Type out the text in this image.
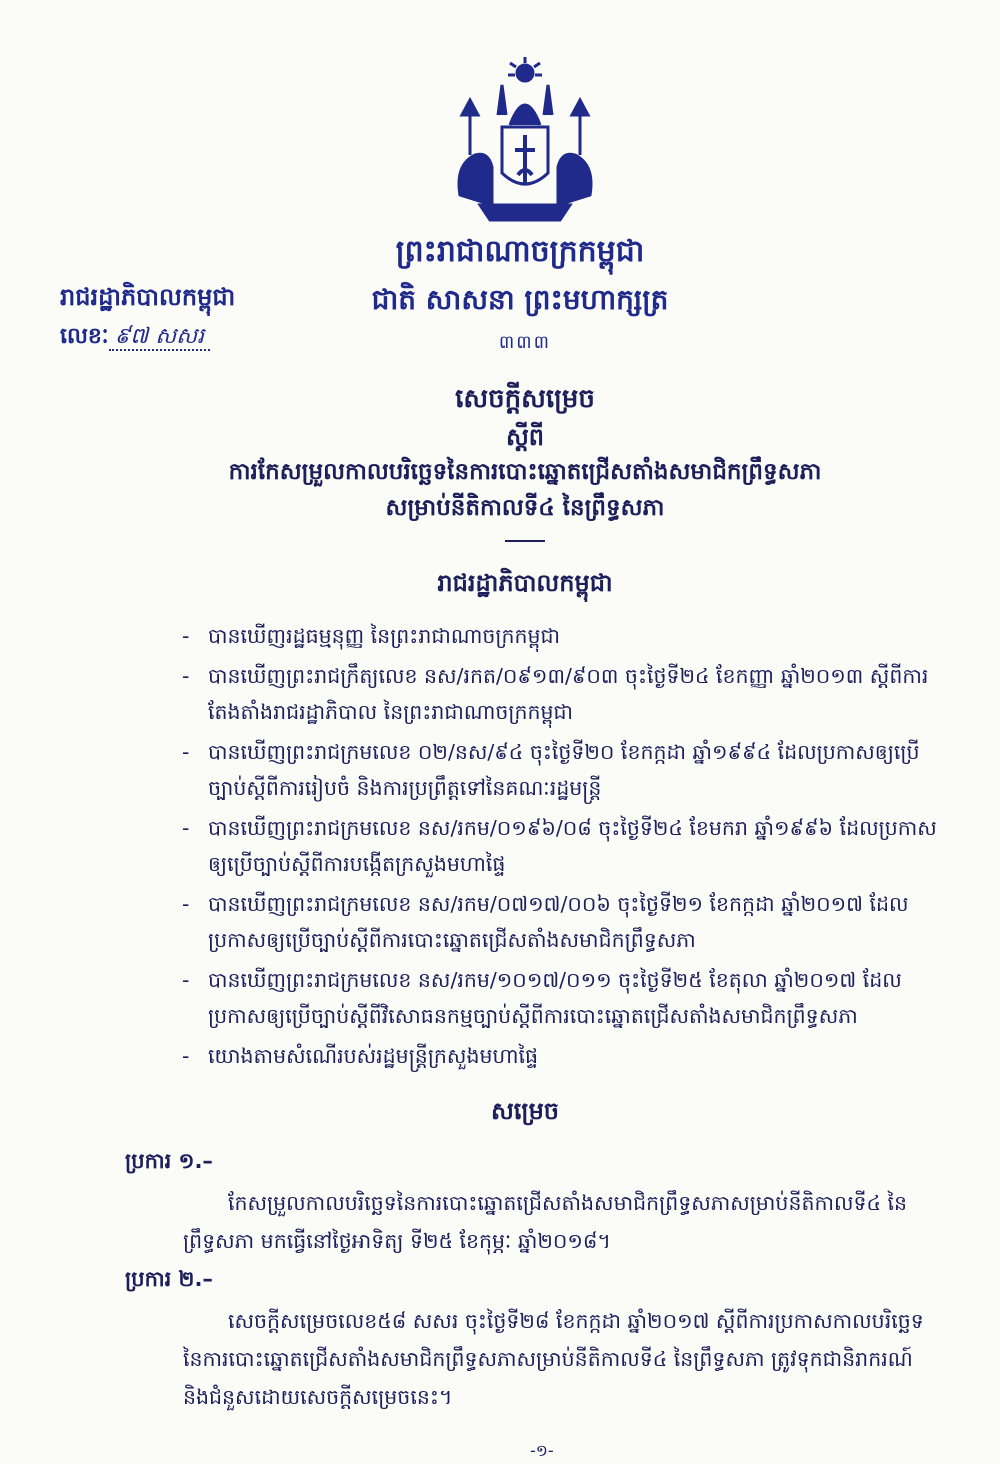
ព្រះរាជាណាចក្រកម្ពុជា
ជាតិ សាសនា ព្រះមហាក្សត្រ
៣៣៣
រាជរដ្ឋាភិបាលកម្ពុជា
លេខៈ ៩៧ សសរ
សេចក្តីសម្រេច
ស្តីពី
ការកែសម្រួលកាលបរិច្ឆេទនៃការបោះឆ្នោតជ្រើសតាំងសមាជិកព្រឹទ្ធសភា
សម្រាប់នីតិកាលទី៤ នៃព្រឹទ្ធសភា
រាជរដ្ឋាភិបាលកម្ពុជា
- បានឃើញរដ្ឋធម្មនុញ្ញ នៃព្រះរាជាណាចក្រកម្ពុជា
- បានឃើញព្រះរាជក្រឹត្យលេខ នស/រកត/០៩១៣/៩០៣ ចុះថ្ងៃទី២៤ ខែកញ្ញា ឆ្នាំ២០១៣ ស្តីពីការតែងតាំងរាជរដ្ឋាភិបាល នៃព្រះរាជាណាចក្រកម្ពុជា
- បានឃើញព្រះរាជក្រមលេខ ០២/នស/៩៤ ចុះថ្ងៃទី២០ ខែកក្កដា ឆ្នាំ១៩៩៤ ដែលប្រកាសឲ្យប្រើច្បាប់ស្តីពីការរៀបចំ និងការប្រព្រឹត្តទៅនៃគណៈរដ្ឋមន្ត្រី
- បានឃើញព្រះរាជក្រមលេខ នស/រកម/០១៩៦/០៨ ចុះថ្ងៃទី២៤ ខែមករា ឆ្នាំ១៩៩៦ ដែលប្រកាសឲ្យប្រើច្បាប់ស្តីពីការបង្កើតក្រសួងមហាផ្ទៃ
- បានឃើញព្រះរាជក្រមលេខ នស/រកម/០៧១៧/០០៦ ចុះថ្ងៃទី២១ ខែកក្កដា ឆ្នាំ២០១៧ ដែលប្រកាសឲ្យប្រើច្បាប់ស្តីពីការបោះឆ្នោតជ្រើសតាំងសមាជិកព្រឹទ្ធសភា
- បានឃើញព្រះរាជក្រមលេខ នស/រកម/១០១៧/០១១ ចុះថ្ងៃទី២៥ ខែតុលា ឆ្នាំ២០១៧ ដែលប្រកាសឲ្យប្រើច្បាប់ស្តីពីវិសោធនកម្មច្បាប់ស្តីពីការបោះឆ្នោតជ្រើសតាំងសមាជិកព្រឹទ្ធសភា
- យោងតាមសំណើរបស់រដ្ឋមន្ត្រីក្រសួងមហាផ្ទៃ
សម្រេច
ប្រការ ១.–
កែសម្រួលកាលបរិច្ឆេទនៃការបោះឆ្នោតជ្រើសតាំងសមាជិកព្រឹទ្ធសភាសម្រាប់នីតិកាលទី៤ នៃព្រឹទ្ធសភា មកធ្វើនៅថ្ងៃអាទិត្យ ទី២៥ ខែកុម្ភៈ ឆ្នាំ២០១៨។
ប្រការ ២.–
សេចក្តីសម្រេចលេខ៥៨ សសរ ចុះថ្ងៃទី២៨ ខែកក្កដា ឆ្នាំ២០១៧ ស្តីពីការប្រកាសកាលបរិច្ឆេទនៃការបោះឆ្នោតជ្រើសតាំងសមាជិកព្រឹទ្ធសភាសម្រាប់នីតិកាលទី៤ នៃព្រឹទ្ធសភា ត្រូវទុកជានិរាករណ៍ និងជំនួសដោយសេចក្តីសម្រេចនេះ។
-១-
